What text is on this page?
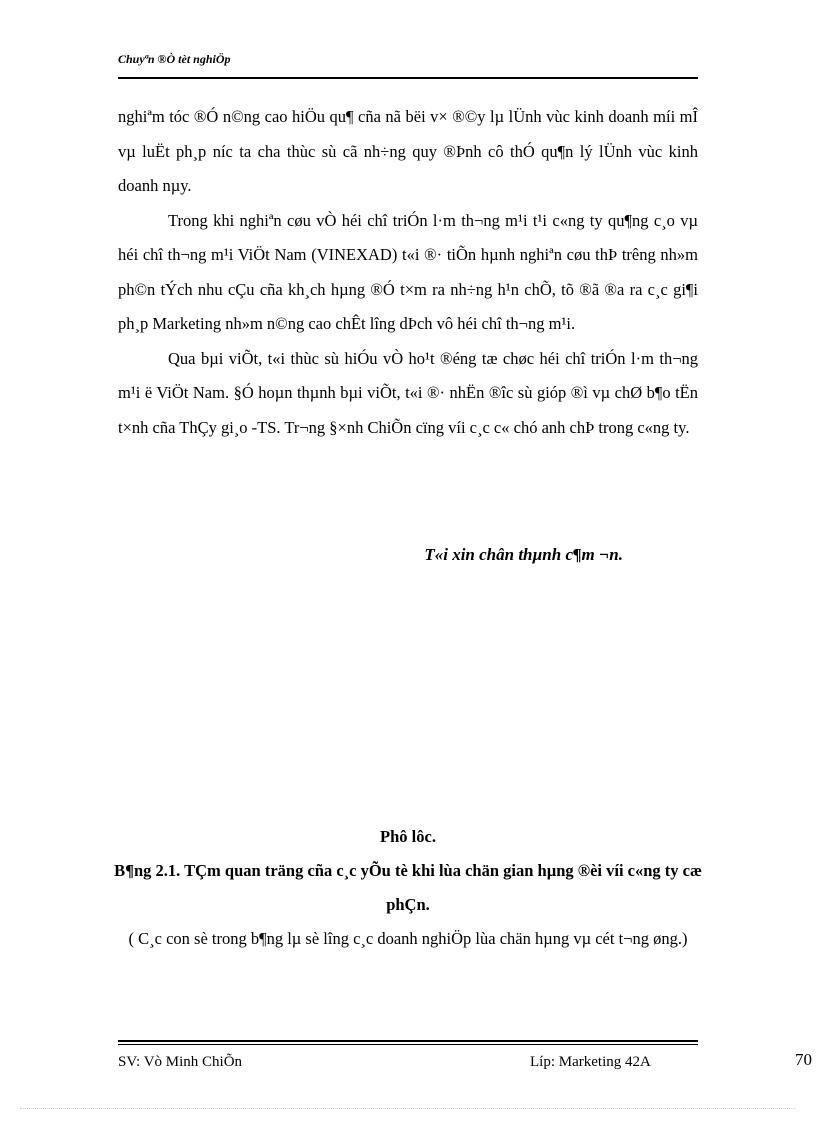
Chuyªn ®Ò tèt nghiÖp

nghiªm tóc ®Ó n©ng cao hiÖu qu¶ cña nã bëi v× ®©y lµ lÜnh vùc kinh doanh míi mÎ vµ luËt ph¸p níc ta cha thùc sù cã nh÷ng quy ®Þnh cô thÓ qu¶n lý lÜnh vùc kinh doanh nµy.

Trong khi nghiªn cøu vÒ héi chî triÓn l·m th¬ng m¹i t¹i c«ng ty qu¶ng c¸o vµ héi chî th¬ng m¹i ViÖt Nam (VINEXAD) t«i ®· tiÕn hµnh nghiªn cøu thÞ trêng nh»m ph©n tÝch nhu cÇu cña kh¸ch hµng ®Ó t×m ra nh÷ng h¹n chÕ, tõ ®ã ®a ra c¸c gi¶i ph¸p Marketing nh»m n©ng cao chÊt lîng dÞch vô héi chî th¬ng m¹i.

Qua bµi viÕt, t«i thùc sù hiÓu vÒ ho¹t ®éng tæ chøc héi chî triÓn l·m th¬ng m¹i ë ViÖt Nam. §Ó hoµn thµnh bµi viÕt, t«i ®· nhËn ®îc sù gióp ®ì vµ chØ b¶o tËn t×nh cña ThÇy gi¸o -TS. Tr¬ng §×nh ChiÕn cïng víi c¸c c« chó anh chÞ trong c«ng ty.

T«i xin chân thµnh c¶m ¬n.
Phô lôc.
B¶ng 2.1. TÇm quan träng cña c¸c yÕu tè khi lùa chän gian hµng ®èi víi c«ng ty cæ phÇn.
( C¸c con sè trong b¶ng lµ sè lîng c¸c doanh nghiÖp lùa chän hµng vµ cét t¬ng øng.)
SV: Vò Minh ChiÕn	Líp: Marketing 42A	70
